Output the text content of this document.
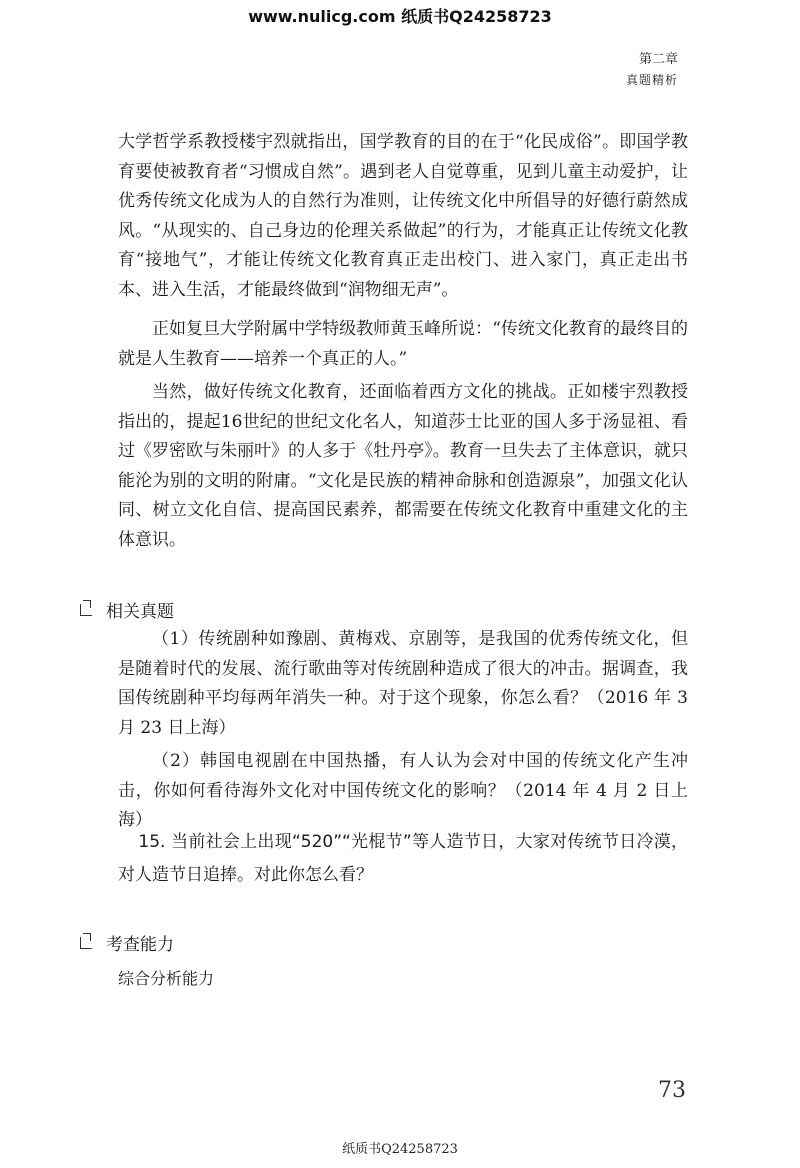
www.nulicg.com 纸质书Q24258723
第二章
真题精析

大学哲学系教授楼宇烈就指出，国学教育的目的在于“化民成俗”。即国学教育要使被教育者“习惯成自然”。遇到老人自觉尊重，见到儿童主动爱护，让优秀传统文化成为人的自然行为准则，让传统文化中所倡导的好德行蔚然成风。“从现实的、自己身边的伦理关系做起”的行为，才能真正让传统文化教育“接地气”，才能让传统文化教育真正走出校门、进入家门，真正走出书本、进入生活，才能最终做到“润物细无声”。

正如复旦大学附属中学特级教师黄玉峰所说：“传统文化教育的最终目的就是人生教育——培养一个真正的人。”

当然，做好传统文化教育，还面临着西方文化的挑战。正如楼宇烈教授指出的，提起16世纪的世纪文化名人，知道莎士比亚的国人多于汤显祖、看过《罗密欧与朱丽叶》的人多于《牡丹亭》。教育一旦失去了主体意识，就只能沦为别的文明的附庸。“文化是民族的精神命脉和创造源泉”，加强文化认同、树立文化自信、提高国民素养，都需要在传统文化教育中重建文化的主体意识。

相关真题

（1）传统剧种如豫剧、黄梅戏、京剧等，是我国的优秀传统文化，但是随着时代的发展、流行歌曲等对传统剧种造成了很大的冲击。据调查，我国传统剧种平均每两年消失一种。对于这个现象，你怎么看？（2016 年 3 月 23 日上海）

（2）韩国电视剧在中国热播，有人认为会对中国的传统文化产生冲击，你如何看待海外文化对中国传统文化的影响？（2014 年 4 月 2 日上海）

15. 当前社会上出现“520”“光棍节”等人造节日，大家对传统节日冷漠，对人造节日追捧。对此你怎么看？
考查能力
综合分析能力
73
纸质书Q24258723
